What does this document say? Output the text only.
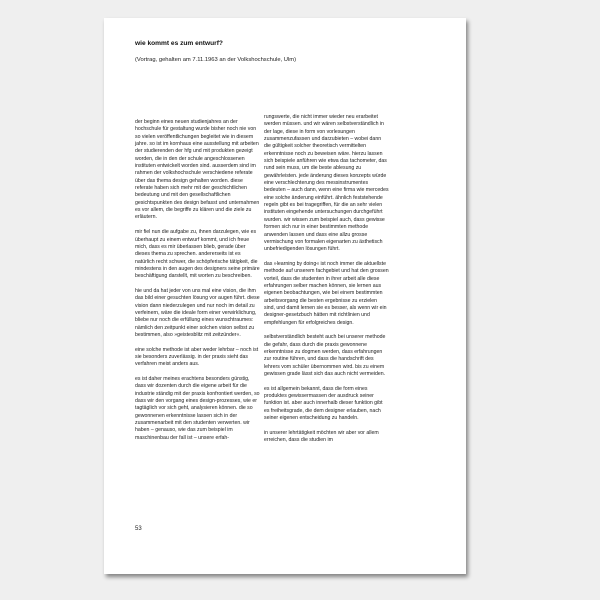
wie kommt es zum entwurf?
(Vortrag, gehalten am 7.11.1963 an der Volkshochschule, Ulm)

der beginn eines neuen studienjahres an der hochschule für gestaltung wurde bisher noch nie von so vielen veröffentlichungen begleitet wie in diesem jahre. so ist im kornhaus eine ausstellung mit arbeiten der studierenden der hfg und mit produkten gezeigt worden, die in den der schule angeschlossenen instituten entwickelt worden sind. ausserdem sind im rahmen der volkshochschule verschiedene referate über das thema design gehalten worden. diese referate haben sich mehr mit der geschichtlichen bedeutung und mit den gesellschaftlichen gesichtspunkten des design befasst und unternahmen es vor allem, die begriffe zu klären und die ziele zu erläutern.

mir fiel nun die aufgabe zu, ihnen darzulegen, wie es überhaupt zu einem entwurf kommt, und ich freue mich, dass es mir überlassen blieb, gerade über dieses thema zu sprechen. andererseits ist es natürlich recht schwer, die schöpferische tätigkeit, die mindestens in den augen des designers seine primäre beschäftigung darstellt, mit worten zu beschreiben.

hie und da hat jeder von uns mal eine vision, die ihm das bild einer gesuchten lösung vor augen führt. diese vision dann niederzulegen und nur noch im detail zu verfeinern, wäre die ideale form einer verwirklichung, bliebe nur noch die erfüllung eines wunschtraumes: nämlich den zeitpunkt einer solchen vision selbst zu bestimmen, also »geistesblitz mit zeitzünder«.

eine solche methode ist aber weder lehrbar – noch ist sie besonders zuverlässig. in der praxis sieht das verfahren meist anders aus.

es ist daher meines erachtens besonders günstig, dass wir dozenten durch die eigene arbeit für die industrie ständig mit der praxis konfrontiert werden, so dass wir den vorgang eines design-prozesses, wie er tagtäglich vor sich geht, analysieren können. die so gewonnenen erkenntnisse lassen sich in der zusammenarbeit mit den studenten verwerten. wir haben – genauso, wie das zum beispiel im maschinenbau der fall ist – unsere erfah-

rungswerte, die nicht immer wieder neu erarbeitet werden müssen. und wir wären selbstverständlich in der lage, diese in form von vorlesungen zusammenzufassen und darzubieten – wobei dann die gültigkeit solcher theoretisch vermittelten erkenntnisse noch zu beweisen wäre. hierzu lassen sich beispiele anführen wie etwa das tachometer, das rund sein muss, um die beste ablesung zu gewährleisten. jede änderung dieses konzepts würde eine verschlechterung des messinstrumentes bedeuten – auch dann, wenn eine firma wie mercedes eine solche änderung einführt. ähnlich feststehende regeln gibt es bei tragegriffen, für die an sehr vielen instituten eingehende untersuchungen durchgeführt wurden. wir wissen zum beispiel auch, dass gewisse formen sich nur in einer bestimmten methode anwenden lassen und dass eine allzu grosse vermischung von formalen eigenarten zu ästhetisch unbefriedigenden lösungen führt.

das »learning by doing« ist noch immer die aktuellste methode auf unserem fachgebiet und hat den grossen vorteil, dass die studenten in ihrer arbeit alle diese erfahrungen selber machen können, sie lernen aus eigenen beobachtungen, wie bei einem bestimmten arbeitsvorgang die besten ergebnisse zu erzielen sind, und damit lernen sie es besser, als wenn wir ein designer-gesetzbuch hätten mit richtlinien und empfehlungen für erfolgreiches design.

selbstverständlich besteht auch bei unserer methode die gefahr, dass durch die praxis gewonnene erkenntnisse zu dogmen werden, dass erfahrungen zur routine führen, und dass die handschrift des lehrers vom schüler übernommen wird. bis zu einem gewissen grade lässt sich das auch nicht vermeiden.

es ist allgemein bekannt, dass die form eines produktes gewissermassen der ausdruck seiner funktion ist. aber auch innerhalb dieser funktion gibt es freiheitsgrade, die dem designer erlauben, nach seiner eigenen entscheidung zu handeln.

in unserer lehrtätigkeit möchten wir aber vor allem erreichen, dass die studien im

53
